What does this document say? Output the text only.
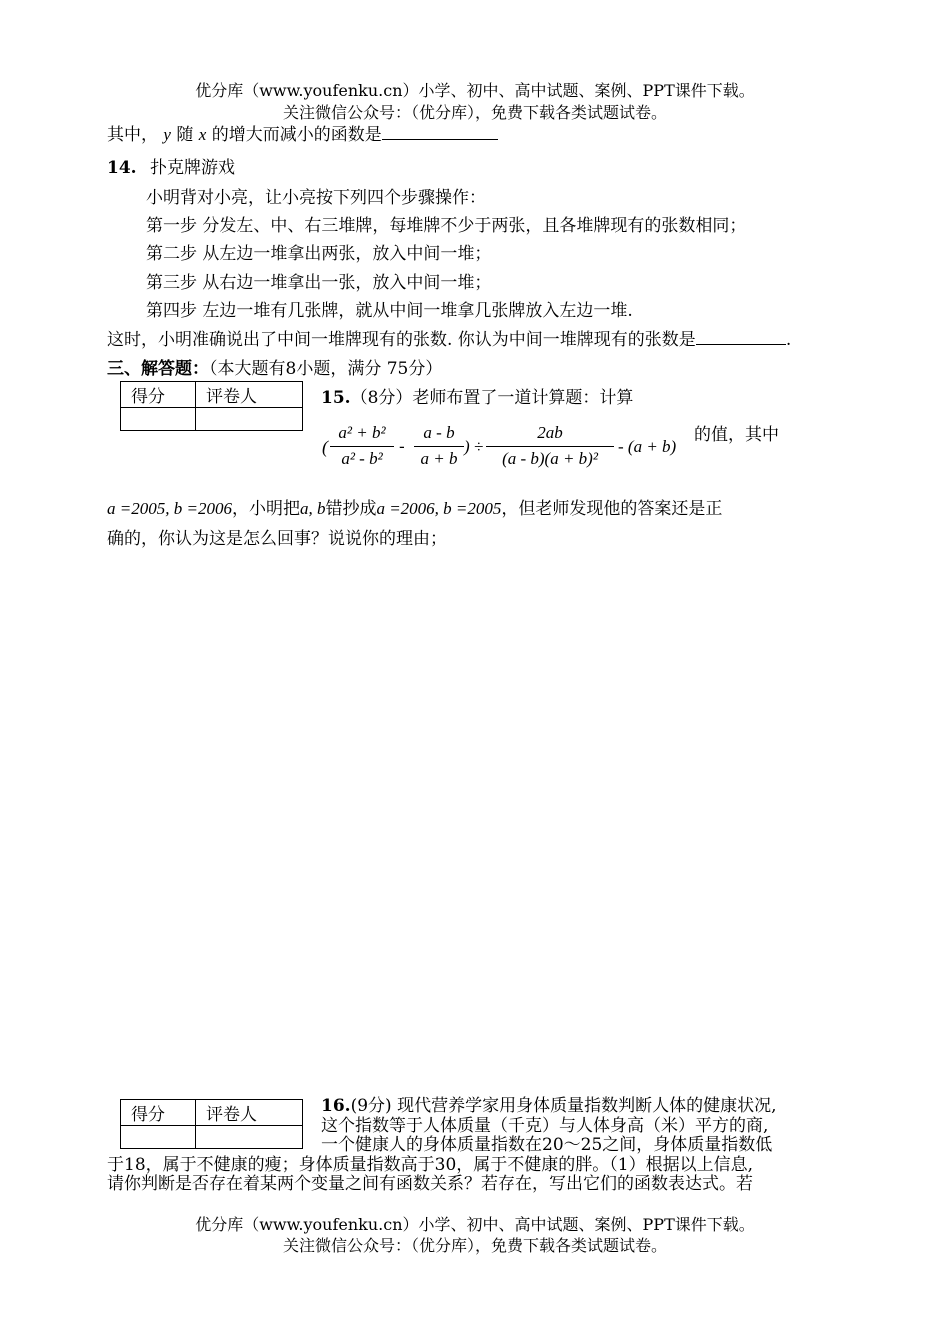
优分库（www.youfenku.cn）小学、初中、高中试题、案例、PPT课件下载。
关注微信公众号：（优分库），免费下载各类试题试卷。
其中， y 随 x 的增大而减小的函数是
14. 扑克牌游戏
小明背对小亮，让小亮按下列四个步骤操作：
第一步 分发左、中、右三堆牌，每堆牌不少于两张，且各堆牌现有的张数相同；
第二步 从左边一堆拿出两张，放入中间一堆；
第三步 从右边一堆拿出一张，放入中间一堆；
第四步 左边一堆有几张牌，就从中间一堆拿几张牌放入左边一堆.
这时，小明准确说出了中间一堆牌现有的张数. 你认为中间一堆牌现有的张数是	.
三、解答题：（本大题有8小题，满分 75分）
得分	评卷人
		15.（8分）老师布置了一道计算题：计算
(
a² + b²
a² - b²
-
a - b
a + b
) ÷
2ab
(a - b)(a + b)²
- (a + b)
的值，其中
a =2005, b =2006，小明把a, b错抄成a =2006, b =2005，但老师发现他的答案还是正
确的，你认为这是怎么回事？说说你的理由；
得分	评卷人
		16.(9分) 现代营养学家用身体质量指数判断人体的健康状况,
这个指数等于人体质量（千克）与人体身高（米）平方的商,
一个健康人的身体质量指数在20～25之间，身体质量指数低
于18，属于不健康的瘦；身体质量指数高于30，属于不健康的胖。（1）根据以上信息,
请你判断是否存在着某两个变量之间有函数关系？若存在，写出它们的函数表达式。若
优分库（www.youfenku.cn）小学、初中、高中试题、案例、PPT课件下载。
关注微信公众号：（优分库），免费下载各类试题试卷。
